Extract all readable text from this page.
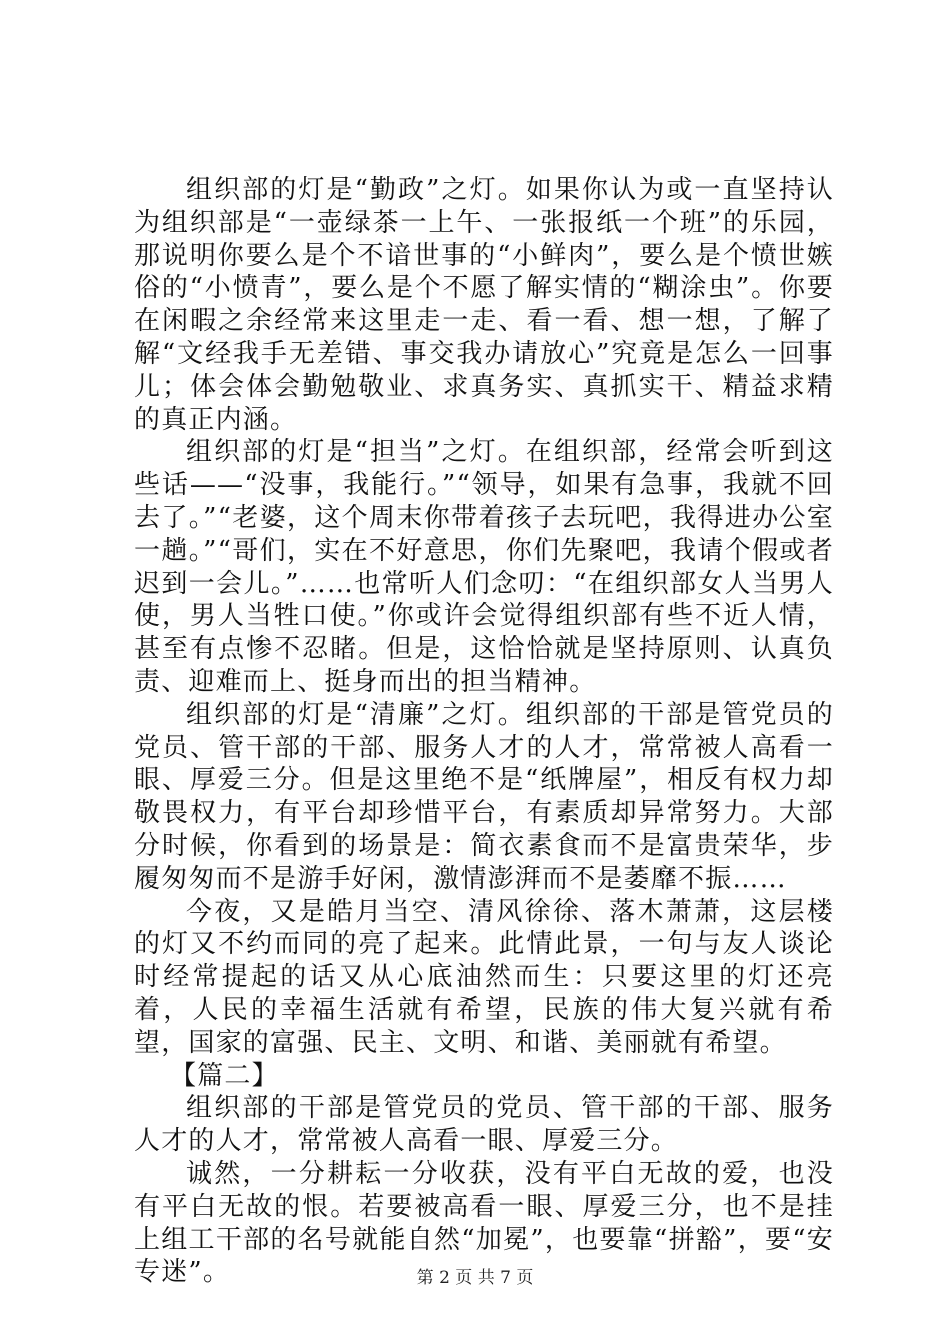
组织部的灯是“勤政”之灯。如果你认为或一直坚持认为组织部是“一壶绿茶一上午、一张报纸一个班”的乐园，那说明你要么是个不谙世事的“小鲜肉”，要么是个愤世嫉俗的“小愤青”，要么是个不愿了解实情的“糊涂虫”。你要在闲暇之余经常来这里走一走、看一看、想一想，了解了解“文经我手无差错、事交我办请放心”究竟是怎么一回事儿；体会体会勤勉敬业、求真务实、真抓实干、精益求精的真正内涵。

组织部的灯是“担当”之灯。在组织部，经常会听到这些话——“没事，我能行。”“领导，如果有急事，我就不回去了。”“老婆，这个周末你带着孩子去玩吧，我得进办公室一趟。”“哥们，实在不好意思，你们先聚吧，我请个假或者迟到一会儿。”……也常听人们念叨：“在组织部女人当男人使，男人当牲口使。”你或许会觉得组织部有些不近人情，甚至有点惨不忍睹。但是，这恰恰就是坚持原则、认真负责、迎难而上、挺身而出的担当精神。

组织部的灯是“清廉”之灯。组织部的干部是管党员的党员、管干部的干部、服务人才的人才，常常被人高看一眼、厚爱三分。但是这里绝不是“纸牌屋”，相反有权力却敬畏权力，有平台却珍惜平台，有素质却异常努力。大部分时候，你看到的场景是：简衣素食而不是富贵荣华，步履匆匆而不是游手好闲，激情澎湃而不是萎靡不振……

今夜，又是皓月当空、清风徐徐、落木萧萧，这层楼的灯又不约而同的亮了起来。此情此景，一句与友人谈论时经常提起的话又从心底油然而生：只要这里的灯还亮着，人民的幸福生活就有希望，民族的伟大复兴就有希望，国家的富强、民主、文明、和谐、美丽就有希望。

【篇二】

组织部的干部是管党员的党员、管干部的干部、服务人才的人才，常常被人高看一眼、厚爱三分。

诚然，一分耕耘一分收获，没有平白无故的爱，也没有平白无故的恨。若要被高看一眼、厚爱三分，也不是挂上组工干部的名号就能自然“加冕”，也要靠“拼豁”，要“安专迷”。	第 2 页 共 7 页
